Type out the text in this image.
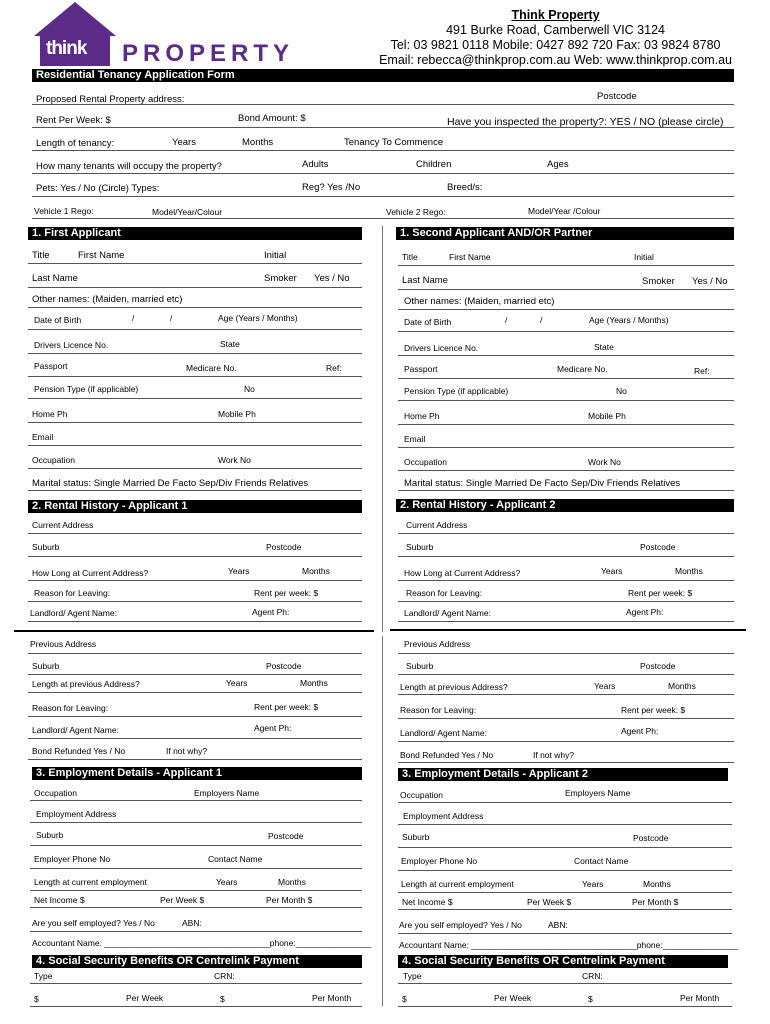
think PROPERTY
Think Property
491 Burke Road, Camberwell VIC 3124
Tel: 03 9821 0118 Mobile: 0427 892 720 Fax: 03 9824 8780
Email: rebecca@thinkprop.com.au Web: www.thinkprop.com.au
Residential Tenancy Application Form
Proposed Rental Property address:	Postcode
Rent Per Week: $	Bond Amount: $	Have you inspected the property?: YES / NO (please circle)
Length of tenancy:	Years	Months	Tenancy To Commence
How many tenants will occupy the property?	Adults	Children	Ages
Pets: Yes / No (Circle) Types:	Reg? Yes /No	Breed/s:
Vehicle 1 Rego:	Model/Year/Colour	Vehicle 2 Rego:	Model/Year /Colour
1. First Applicant	1. Second Applicant AND/OR Partner
Title	First Name	Initial
Last Name	Smoker Yes / No
Other names: (Maiden, married etc)
Date of Birth	/	/	Age (Years / Months)
Drivers Licence No.	State
Passport	Medicare No.	Ref:
Pension Type (if applicable)	No
Home Ph	Mobile Ph
Email
Occupation	Work No
Marital status: Single Married De Facto Sep/Div Friends Relatives
Title	First Name	Initial
Last Name	Smoker Yes / No
Other names: (Maiden, married etc)
Date of Birth	/	/	Age (Years / Months)
Drivers Licence No.	State
Passport	Medicare No.	Ref:
Pension Type (if applicable)	No
Home Ph	Mobile Ph
Email
Occupation	Work No
Marital status: Single Married De Facto Sep/Div Friends Relatives
2. Rental History - Applicant 1	2. Rental History - Applicant 2
Current Address
Suburb	Postcode
How Long at Current Address?	Years	Months
Reason for Leaving:	Rent per week: $
Landlord/ Agent Name:	Agent Ph:
Current Address
Suburb	Postcode
How Long at Current Address?	Years	Months
Reason for Leaving:	Rent per week: $
Landlord/ Agent Name:	Agent Ph:
Previous Address
Suburb	Postcode
Length at previous Address?	Years	Months
Reason for Leaving:	Rent per week: $
Landlord/ Agent Name:	Agent Ph:
Bond Refunded Yes / No	If not why?
Previous Address
Suburb	Postcode
Length at previous Address?	Years	Months
Reason for Leaving:	Rent per week: $
Landlord/ Agent Name:	Agent Ph:
Bond Refunded Yes / No	If not why?
3. Employment Details - Applicant 1	3. Employment Details - Applicant 2
Occupation	Employers Name
Employment Address
Suburb	Postcode
Employer Phone No	Contact Name
Length at current employment	Years	Months
Net Income $	Per Week $	Per Month $
Are you self employed? Yes / No	ABN:
Accountant Name: ___________________________________phone:________________
Occupation	Employers Name
Employment Address
Suburb	Postcode
Employer Phone No	Contact Name
Length at current employment	Years	Months
Net Income $	Per Week $	Per Month $
Are you self employed? Yes / No	ABN:
Accountant Name: ___________________________________phone:________________
4. Social Security Benefits OR Centrelink Payment	4. Social Security Benefits OR Centrelink Payment
Type	CRN:
$	Per Week	$	Per Month
Type	CRN:
$	Per Week	$	Per Month
